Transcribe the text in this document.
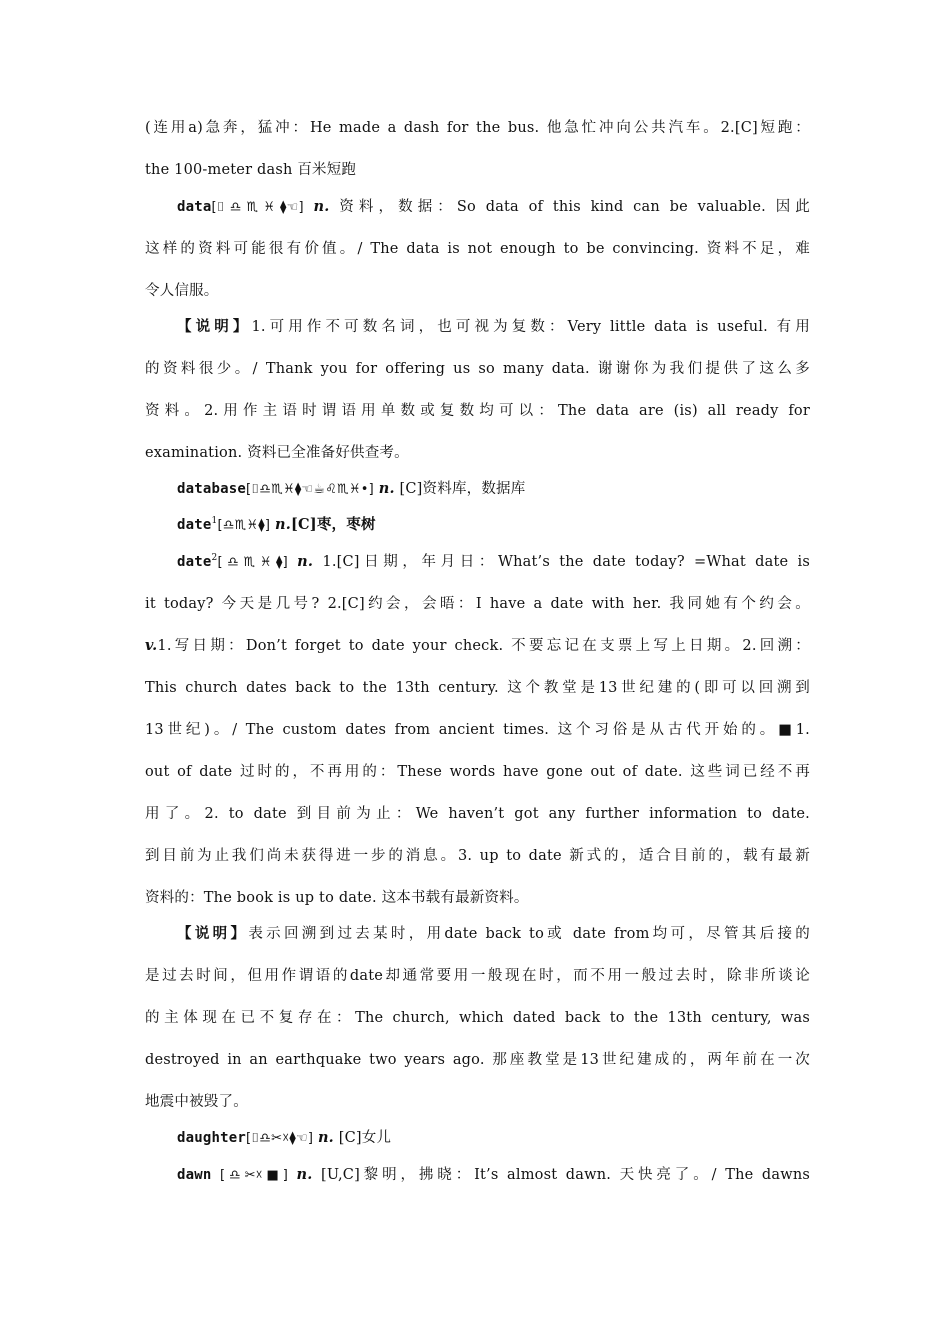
(连用a)急奔，猛冲：He made a dash for the bus. 他急忙冲向公共汽车。2.[C]短跑：
the 100-meter dash 百米短跑
data[⌷♎♏♓⧫☜] n. 资料，数据：So data of this kind can be valuable. 因此
这样的资料可能很有价值。/ The data is not enough to be convincing. 资料不足，难
令人信服。
【说明】1.可用作不可数名词，也可视为复数：Very little data is useful. 有用
的资料很少。/ Thank you for offering us so many data. 谢谢你为我们提供了这么多
资料。2.用作主语时谓语用单数或复数均可以：The data are (is) all ready for
examination. 资料已全准备好供查考。
database[⌷♎♏♓⧫☜☕♌♏♓•] n. [C]资料库，数据库
date$^1$[♎♏♓⧫] n.[C]枣，枣树
date$^2$[♎♏♓⧫] n. 1.[C]日期，年月日：What’s the date today? =What date is
it today? 今天是几号? 2.[C]约会，会晤：I have a date with her. 我同她有个约会。
v.1.写日期：Don’t forget to date your check. 不要忘记在支票上写上日期。2.回溯：
This church dates back to the 13th century. 这个教堂是13世纪建的(即可以回溯到
13世纪)。/ The custom dates from ancient times. 这个习俗是从古代开始的。■1.
out of date 过时的，不再用的：These words have gone out of date. 这些词已经不再
用了。2. to date 到目前为止：We haven’t got any further information to date.
到目前为止我们尚未获得进一步的消息。3. up to date 新式的，适合目前的，载有最新
资料的：The book is up to date. 这本书载有最新资料。
【说明】表示回溯到过去某时，用date back to或 date from均可，尽管其后接的
是过去时间，但用作谓语的date却通常要用一般现在时，而不用一般过去时，除非所谈论
的主体现在已不复存在：The church, which dated back to the 13th century, was
destroyed in an earthquake two years ago. 那座教堂是13世纪建成的，两年前在一次
地震中被毁了。
daughter[⌷♎✂☓⧫☜] n. [C]女儿
dawn [♎✂☓■] n. [U,C]黎明，拂晓：It’s almost dawn. 天快亮了。/ The dawns
